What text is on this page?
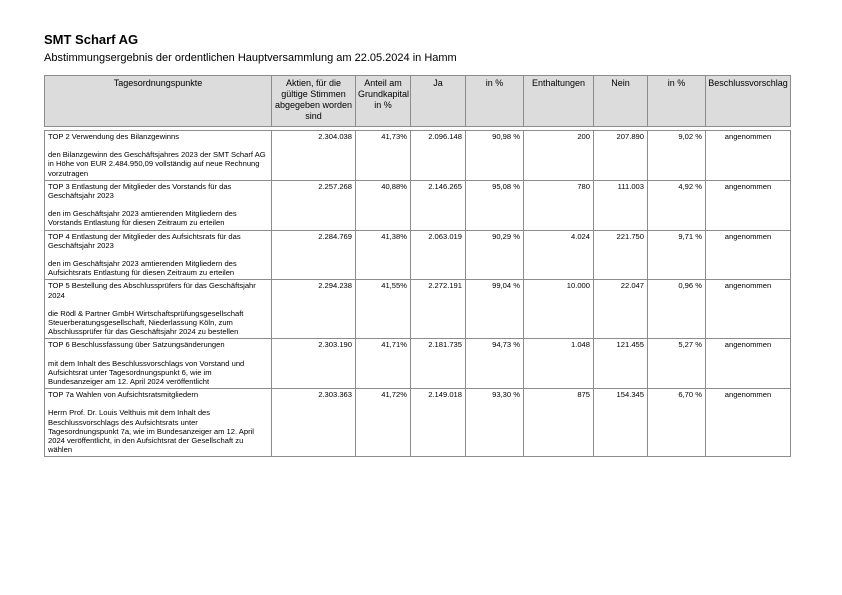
SMT Scharf AG
Abstimmungsergebnis der ordentlichen Hauptversammlung am 22.05.2024 in Hamm
Tagesordnungspunkte	Aktien, für die gültige Stimmen abgegeben worden sind	Anteil am Grundkapital in %	Ja	in %	Enthaltungen	Nein	in %	Beschlussvorschlag

TOP 2 Verwendung des Bilanzgewinns
den Bilanzgewinn des Geschäftsjahres 2023 der SMT Scharf AG in Höhe von EUR 2.484.950,09 vollständig auf neue Rechnung vorzutragen	2.304.038	41,73%	2.096.148	90,98 %	200	207.890	9,02 %	angenommen

TOP 3 Entlastung der Mitglieder des Vorstands für das Geschäftsjahr 2023
den im Geschäftsjahr 2023 amtierenden Mitgliedern des Vorstands Entlastung für diesen Zeitraum zu erteilen	2.257.268	40,88%	2.146.265	95,08 %	780	111.003	4,92 %	angenommen

TOP 4 Entlastung der Mitglieder des Aufsichtsrats für das Geschäftsjahr 2023
den im Geschäftsjahr 2023 amtierenden Mitgliedern des Aufsichtsrats Entlastung für diesen Zeitraum zu erteilen	2.284.769	41,38%	2.063.019	90,29 %	4.024	221.750	9,71 %	angenommen

TOP 5 Bestellung des Abschlussprüfers für das Geschäftsjahr 2024
die Rödl & Partner GmbH Wirtschaftsprüfungsgesellschaft Steuerberatungsgesellschaft, Niederlassung Köln, zum Abschlussprüfer für das Geschäftsjahr 2024 zu bestellen	2.294.238	41,55%	2.272.191	99,04 %	10.000	22.047	0,96 %	angenommen

TOP 6 Beschlussfassung über Satzungsänderungen
mit dem Inhalt des Beschlussvorschlags von Vorstand und Aufsichtsrat unter Tagesordnungspunkt 6, wie im Bundesanzeiger am 12. April 2024 veröffentlicht	2.303.190	41,71%	2.181.735	94,73 %	1.048	121.455	5,27 %	angenommen

TOP 7a Wahlen von Aufsichtsratsmitgliedern
Herrn Prof. Dr. Louis Velthuis mit dem Inhalt des Beschlussvorschlags des Aufsichtsrats unter Tagesordnungspunkt 7a, wie im Bundesanzeiger am 12. April 2024 veröffentlicht, in den Aufsichtsrat der Gesellschaft zu wählen	2.303.363	41,72%	2.149.018	93,30 %	875	154.345	6,70 %	angenommen
